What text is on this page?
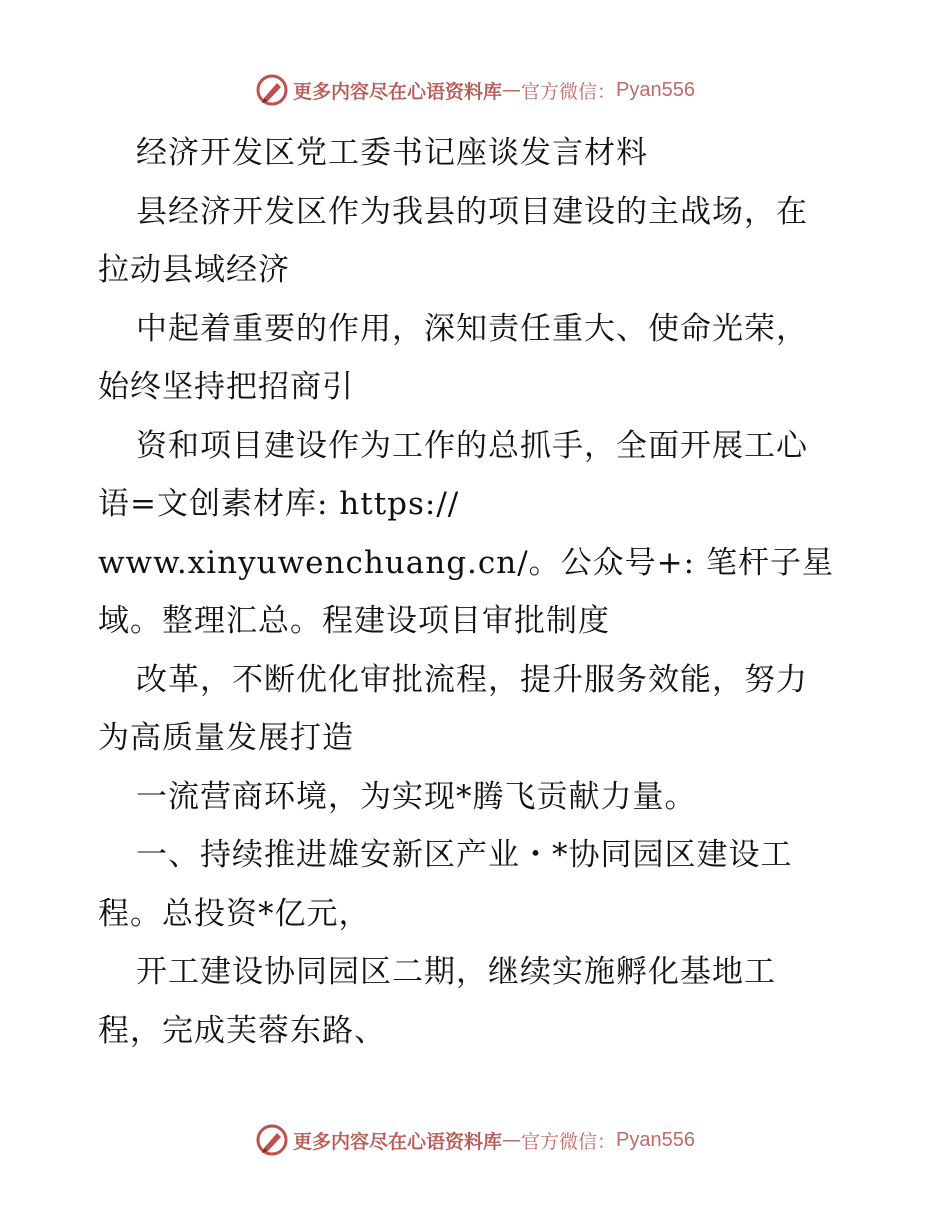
更多内容尽在心语资料库 — 官方微信： Pyan556
经济开发区党工委书记座谈发言材料
县经济开发区作为我县的项目建设的主战场，在
拉动县域经济
中起着重要的作用，深知责任重大、使命光荣，
始终坚持把招商引
资和项目建设作为工作的总抓手，全面开展工心
语=文创素材库: https://
www.xinyuwenchuang.cn/。公众号+: 笔杆子星
域。整理汇总。程建设项目审批制度
改革，不断优化审批流程，提升服务效能，努力
为高质量发展打造
一流营商环境，为实现*腾飞贡献力量。
一、持续推进雄安新区产业・*协同园区建设工
程。总投资*亿元，
开工建设协同园区二期，继续实施孵化基地工
程，完成芙蓉东路、
更多内容尽在心语资料库 — 官方微信： Pyan556
